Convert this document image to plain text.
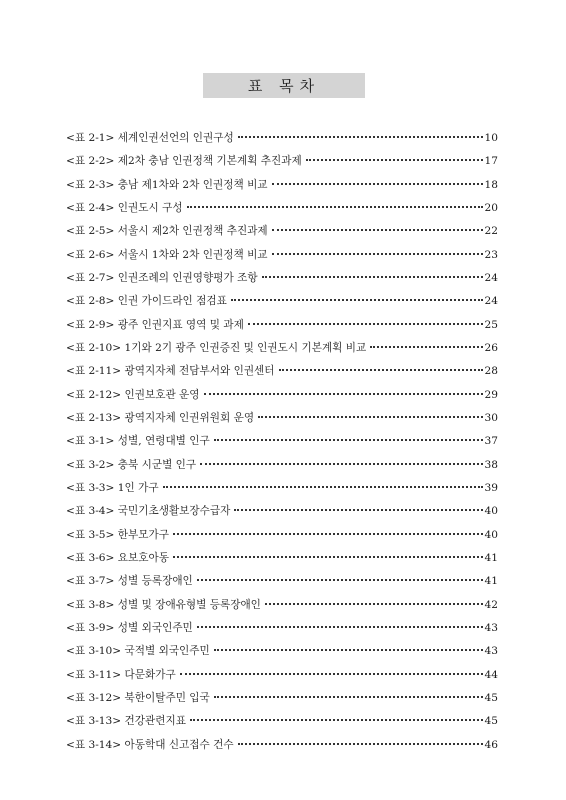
표 목차
<표 2-1> 세계인권선언의 인권구성	10
<표 2-2> 제2차 충남 인권정책 기본계획 추진과제	17
<표 2-3> 충남 제1차와 2차 인권정책 비교	18
<표 2-4> 인권도시 구성	20
<표 2-5> 서울시 제2차 인권정책 추진과제	22
<표 2-6> 서울시 1차와 2차 인권정책 비교	23
<표 2-7> 인권조례의 인권영향평가 조항	24
<표 2-8> 인권 가이드라인 점검표	24
<표 2-9> 광주 인권지표 영역 및 과제	25
<표 2-10> 1기와 2기 광주 인권증진 및 인권도시 기본계획 비교	26
<표 2-11> 광역지자체 전담부서와 인권센터	28
<표 2-12> 인권보호관 운영	29
<표 2-13> 광역지자체 인권위원회 운영	30
<표 3-1> 성별, 연령대별 인구	37
<표 3-2> 충북 시군별 인구	38
<표 3-3> 1인 가구	39
<표 3-4> 국민기초생활보장수급자	40
<표 3-5> 한부모가구	40
<표 3-6> 요보호아동	41
<표 3-7> 성별 등록장애인	41
<표 3-8> 성별 및 장애유형별 등록장애인	42
<표 3-9> 성별 외국인주민	43
<표 3-10> 국적별 외국인주민	43
<표 3-11> 다문화가구	44
<표 3-12> 북한이탈주민 입국	45
<표 3-13> 건강관련지표	45
<표 3-14> 아동학대 신고접수 건수	46
